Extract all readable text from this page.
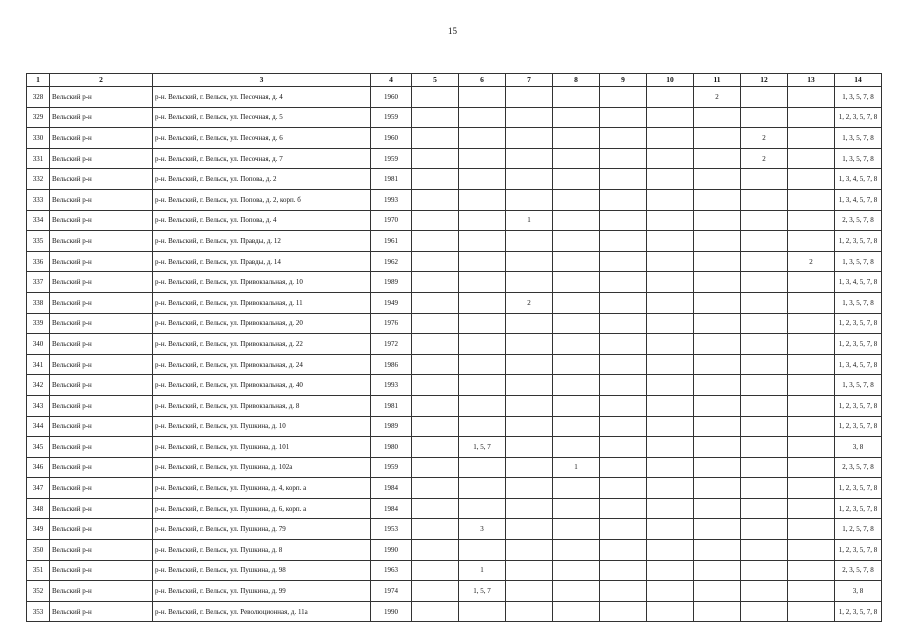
15
1	2	3	4	5	6	7	8	9	10	11	12	13	14
328	Вельский р-н	р-н. Вельский, г. Вельск, ул. Песочная, д. 4	1960							2			1, 3, 5, 7, 8
329	Вельский р-н	р-н. Вельский, г. Вельск, ул. Песочная, д. 5	1959										1, 2, 3, 5, 7, 8
330	Вельский р-н	р-н. Вельский, г. Вельск, ул. Песочная, д. 6	1960								2		1, 3, 5, 7, 8
331	Вельский р-н	р-н. Вельский, г. Вельск, ул. Песочная, д. 7	1959								2		1, 3, 5, 7, 8
332	Вельский р-н	р-н. Вельский, г. Вельск, ул. Попова, д. 2	1981										1, 3, 4, 5, 7, 8
333	Вельский р-н	р-н. Вельский, г. Вельск, ул. Попова, д. 2, корп. б	1993										1, 3, 4, 5, 7, 8
334	Вельский р-н	р-н. Вельский, г. Вельск, ул. Попова, д. 4	1970			1							2, 3, 5, 7, 8
335	Вельский р-н	р-н. Вельский, г. Вельск, ул. Правды, д. 12	1961										1, 2, 3, 5, 7, 8
336	Вельский р-н	р-н. Вельский, г. Вельск, ул. Правды, д. 14	1962									2	1, 3, 5, 7, 8
337	Вельский р-н	р-н. Вельский, г. Вельск, ул. Привокзальная, д. 10	1989										1, 3, 4, 5, 7, 8
338	Вельский р-н	р-н. Вельский, г. Вельск, ул. Привокзальная, д. 11	1949			2							1, 3, 5, 7, 8
339	Вельский р-н	р-н. Вельский, г. Вельск, ул. Привокзальная, д. 20	1976										1, 2, 3, 5, 7, 8
340	Вельский р-н	р-н. Вельский, г. Вельск, ул. Привокзальная, д. 22	1972										1, 2, 3, 5, 7, 8
341	Вельский р-н	р-н. Вельский, г. Вельск, ул. Привокзальная, д. 24	1986										1, 3, 4, 5, 7, 8
342	Вельский р-н	р-н. Вельский, г. Вельск, ул. Привокзальная, д. 40	1993										1, 3, 5, 7, 8
343	Вельский р-н	р-н. Вельский, г. Вельск, ул. Привокзальная, д. 8	1981										1, 2, 3, 5, 7, 8
344	Вельский р-н	р-н. Вельский, г. Вельск, ул. Пушкина, д. 10	1989										1, 2, 3, 5, 7, 8
345	Вельский р-н	р-н. Вельский, г. Вельск, ул. Пушкина, д. 101	1980		1, 5, 7								3, 8
346	Вельский р-н	р-н. Вельский, г. Вельск, ул. Пушкина, д. 102а	1959				1						2, 3, 5, 7, 8
347	Вельский р-н	р-н. Вельский, г. Вельск, ул. Пушкина, д. 4, корп. а	1984										1, 2, 3, 5, 7, 8
348	Вельский р-н	р-н. Вельский, г. Вельск, ул. Пушкина, д. 6, корп. а	1984										1, 2, 3, 5, 7, 8
349	Вельский р-н	р-н. Вельский, г. Вельск, ул. Пушкина, д. 79	1953		3								1, 2, 5, 7, 8
350	Вельский р-н	р-н. Вельский, г. Вельск, ул. Пушкина, д. 8	1990										1, 2, 3, 5, 7, 8
351	Вельский р-н	р-н. Вельский, г. Вельск, ул. Пушкина, д. 98	1963		1								2, 3, 5, 7, 8
352	Вельский р-н	р-н. Вельский, г. Вельск, ул. Пушкина, д. 99	1974		1, 5, 7								3, 8
353	Вельский р-н	р-н. Вельский, г. Вельск, ул. Революционная, д. 11а	1990										1, 2, 3, 5, 7, 8
